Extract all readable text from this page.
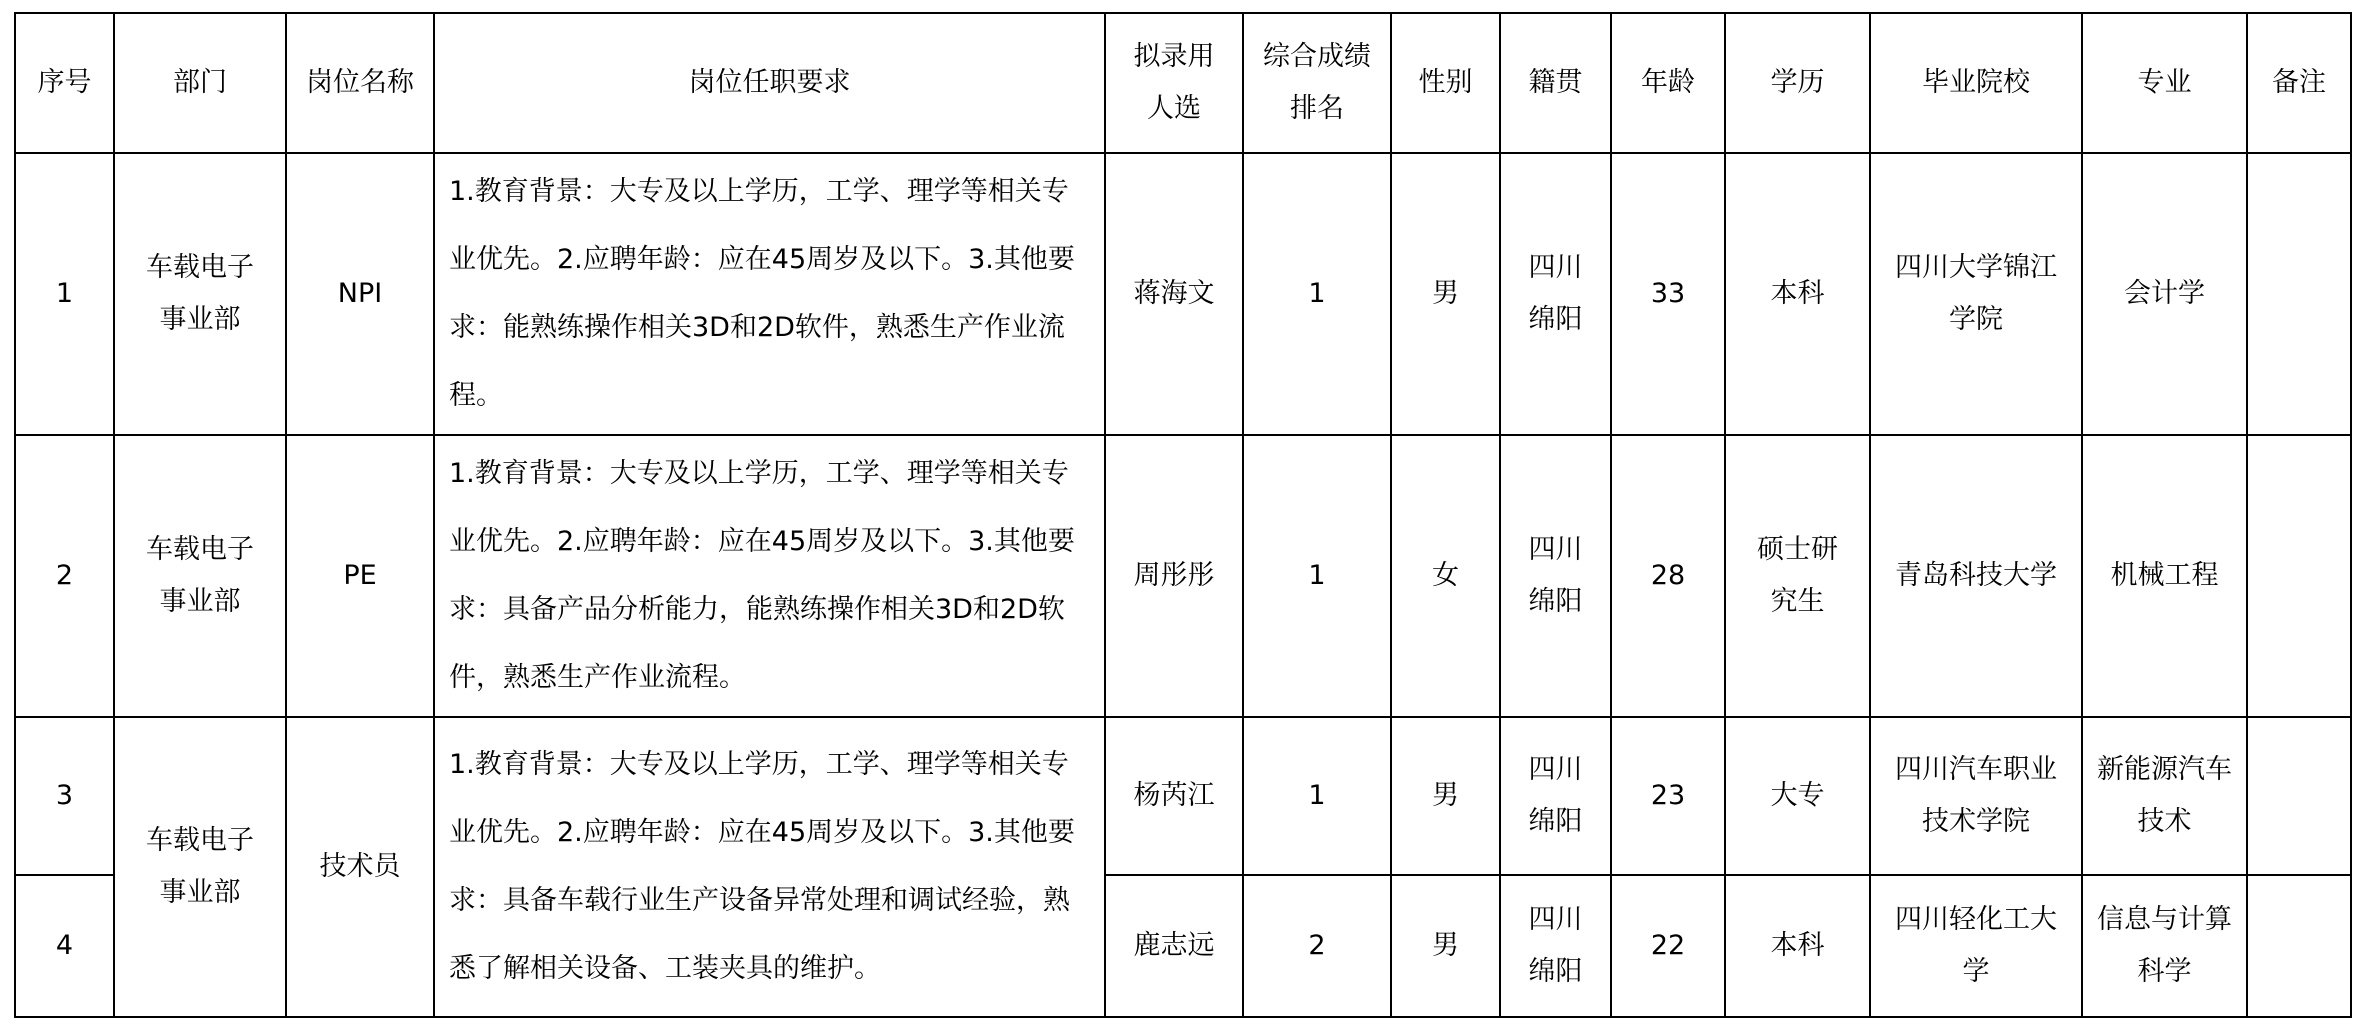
序号	部门	岗位名称	岗位任职要求	拟录用人选	综合成绩排名	性别	籍贯	年龄	学历	毕业院校	专业	备注
1	车载电子事业部	NPI	1.教育背景：大专及以上学历，工学、理学等相关专业优先。2.应聘年龄：应在45周岁及以下。3.其他要求：能熟练操作相关3D和2D软件，熟悉生产作业流程。	蒋海文	1	男	四川绵阳	33	本科	四川大学锦江学院	会计学	
2	车载电子事业部	PE	1.教育背景：大专及以上学历，工学、理学等相关专业优先。2.应聘年龄：应在45周岁及以下。3.其他要求：具备产品分析能力，能熟练操作相关3D和2D软件，熟悉生产作业流程。	周彤彤	1	女	四川绵阳	28	硕士研究生	青岛科技大学	机械工程	
3	车载电子事业部	技术员	1.教育背景：大专及以上学历，工学、理学等相关专业优先。2.应聘年龄：应在45周岁及以下。3.其他要求：具备车载行业生产设备异常处理和调试经验，熟悉了解相关设备、工装夹具的维护。	杨芮江	1	男	四川绵阳	23	大专	四川汽车职业技术学院	新能源汽车技术	
4				鹿志远	2	男	四川绵阳	22	本科	四川轻化工大学	信息与计算科学	
